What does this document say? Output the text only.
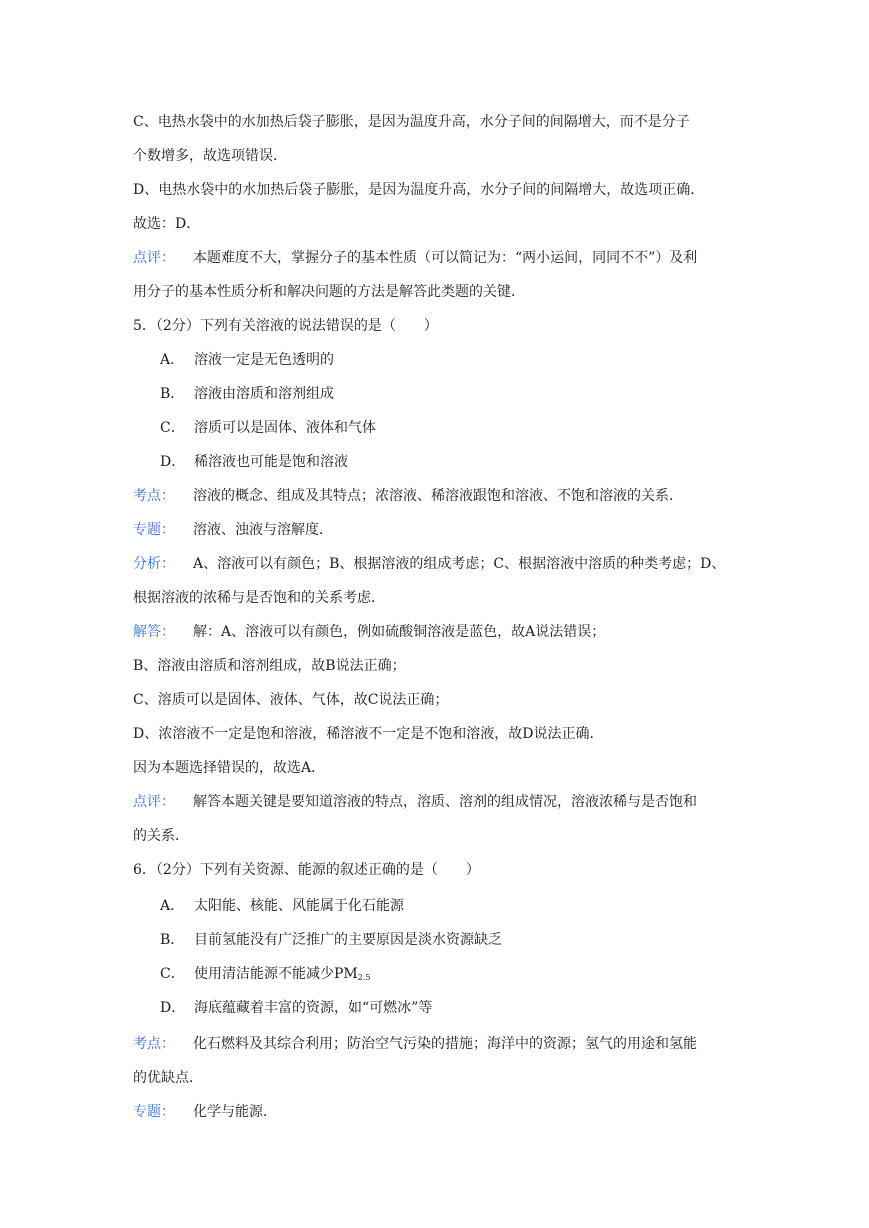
C、电热水袋中的水加热后袋子膨胀，是因为温度升高，水分子间的间隔增大，而不是分子
个数增多，故选项错误．
D、电热水袋中的水加热后袋子膨胀，是因为温度升高，水分子间的间隔增大，故选项正确．
故选：D．
点评： 本题难度不大，掌握分子的基本性质（可以简记为：“两小运间，同同不不”）及利
用分子的基本性质分析和解决问题的方法是解答此类题的关键．
5．（2分）下列有关溶液的说法错误的是（　　）
A． 溶液一定是无色透明的
B． 溶液由溶质和溶剂组成
C． 溶质可以是固体、液体和气体
D． 稀溶液也可能是饱和溶液
考点： 溶液的概念、组成及其特点；浓溶液、稀溶液跟饱和溶液、不饱和溶液的关系．
专题： 溶液、浊液与溶解度．
分析： A、溶液可以有颜色；B、根据溶液的组成考虑；C、根据溶液中溶质的种类考虑；D、
根据溶液的浓稀与是否饱和的关系考虑．
解答： 解：A、溶液可以有颜色，例如硫酸铜溶液是蓝色，故A说法错误；
B、溶液由溶质和溶剂组成，故B说法正确；
C、溶质可以是固体、液体、气体，故C说法正确；
D、浓溶液不一定是饱和溶液，稀溶液不一定是不饱和溶液，故D说法正确．
因为本题选择错误的，故选A．
点评： 解答本题关键是要知道溶液的特点，溶质、溶剂的组成情况，溶液浓稀与是否饱和
的关系．
6．（2分）下列有关资源、能源的叙述正确的是（　　）
A． 太阳能、核能、风能属于化石能源
B． 目前氢能没有广泛推广的主要原因是淡水资源缺乏
C． 使用清洁能源不能减少$PM_{2.5}$
D． 海底蕴藏着丰富的资源，如“可燃冰”等
考点： 化石燃料及其综合利用；防治空气污染的措施；海洋中的资源；氢气的用途和氢能
的优缺点．
专题： 化学与能源．
